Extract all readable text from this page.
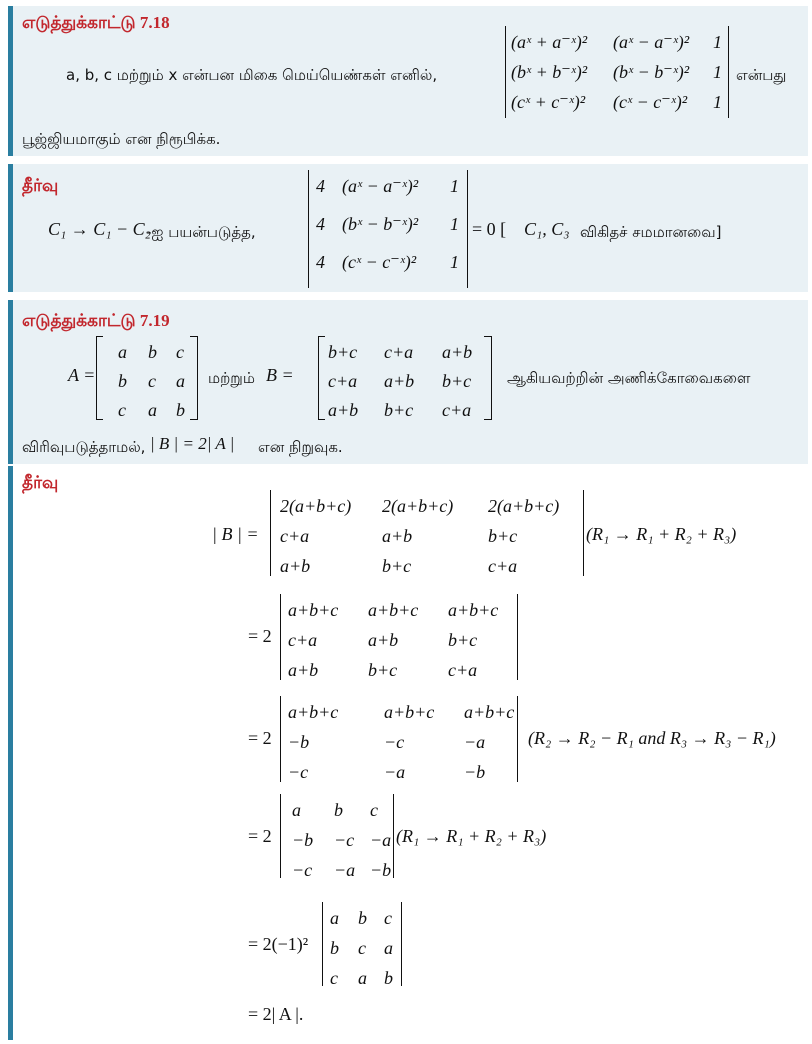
எடுத்துக்காட்டு 7.18
a, b, c மற்றும் x என்பன மிகை மெய்யெண்கள் எனில்,
(aˣ + a⁻ˣ)² (aˣ − a⁻ˣ)² 1
(bˣ + b⁻ˣ)² (bˣ − b⁻ˣ)² 1
(cˣ + c⁻ˣ)² (cˣ − c⁻ˣ)² 1
என்பது
பூஜ்ஜியமாகும் என நிரூபிக்க.
தீர்வு
C₁ → C₁ − C₂
-ஐ பயன்படுத்த,
4 (aˣ − a⁻ˣ)² 1
4 (bˣ − b⁻ˣ)² 1
4 (cˣ − c⁻ˣ)² 1
= 0 [ C₁, C₃ விகிதச் சமமானவை]
எடுத்துக்காட்டு 7.19
A =
a b c
b c a
c a b
மற்றும் B =
b+c c+a a+b
c+a a+b b+c
a+b b+c c+a
ஆகியவற்றின் அணிக்கோவைகளை
விரிவுபடுத்தாமல், | B | = 2| A | என நிறுவுக.
தீர்வு
| B | =
2(a+b+c) 2(a+b+c) 2(a+b+c)
c+a	a+b	b+c
a+b	b+c	c+a
(R₁ → R₁ + R₂ + R₃)
= 2
a+b+c a+b+c a+b+c
c+a	a+b	b+c
a+b	b+c	c+a
= 2
a+b+c	a+b+c a+b+c
−b	−c	−a
−c	−a	−b
(R₂ → R₂ − R₁ and R₃ → R₃ − R₁)
= 2
a b c
−b −c −a
−c −a −b
(R₁ → R₁ + R₂ + R₃)
= 2(−1)²
a b c
b c a
c a b
= 2| A |.
